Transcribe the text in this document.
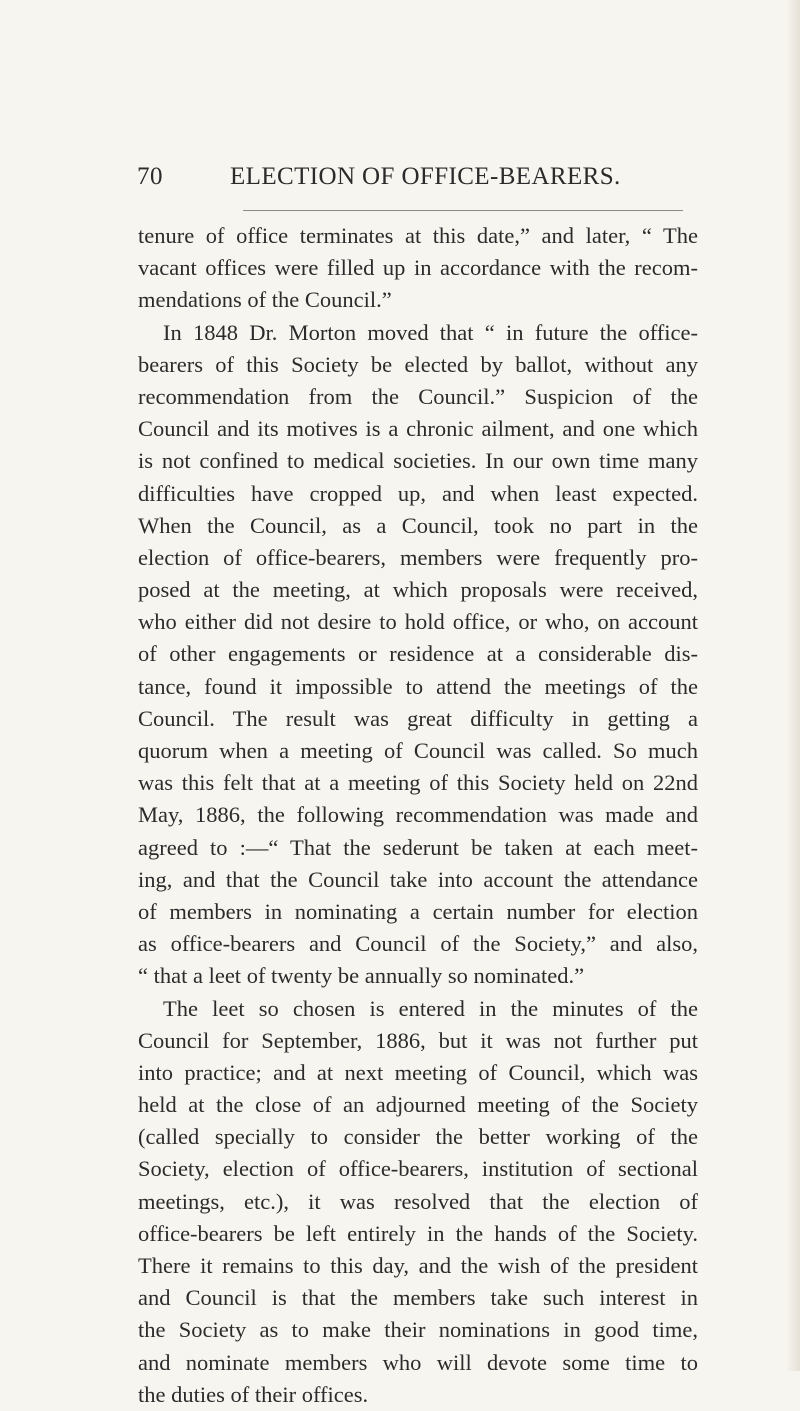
70	ELECTION OF OFFICE-BEARERS.
tenure of office terminates at this date,” and later, “ The
vacant offices were filled up in accordance with the recom-
mendations of the Council.”
In 1848 Dr. Morton moved that “ in future the office-
bearers of this Society be elected by ballot, without any
recommendation from the Council.” Suspicion of the
Council and its motives is a chronic ailment, and one which
is not confined to medical societies. In our own time many
difficulties have cropped up, and when least expected.
When the Council, as a Council, took no part in the
election of office-bearers, members were frequently pro-
posed at the meeting, at which proposals were received,
who either did not desire to hold office, or who, on account
of other engagements or residence at a considerable dis-
tance, found it impossible to attend the meetings of the
Council. The result was great difficulty in getting a
quorum when a meeting of Council was called. So much
was this felt that at a meeting of this Society held on 22nd
May, 1886, the following recommendation was made and
agreed to :—“ That the sederunt be taken at each meet-
ing, and that the Council take into account the attendance
of members in nominating a certain number for election
as office-bearers and Council of the Society,” and also,
“ that a leet of twenty be annually so nominated.”
The leet so chosen is entered in the minutes of the
Council for September, 1886, but it was not further put
into practice; and at next meeting of Council, which was
held at the close of an adjourned meeting of the Society
(called specially to consider the better working of the
Society, election of office-bearers, institution of sectional
meetings, etc.), it was resolved that the election of
office-bearers be left entirely in the hands of the Society.
There it remains to this day, and the wish of the president
and Council is that the members take such interest in
the Society as to make their nominations in good time,
and nominate members who will devote some time to
the duties of their offices.
